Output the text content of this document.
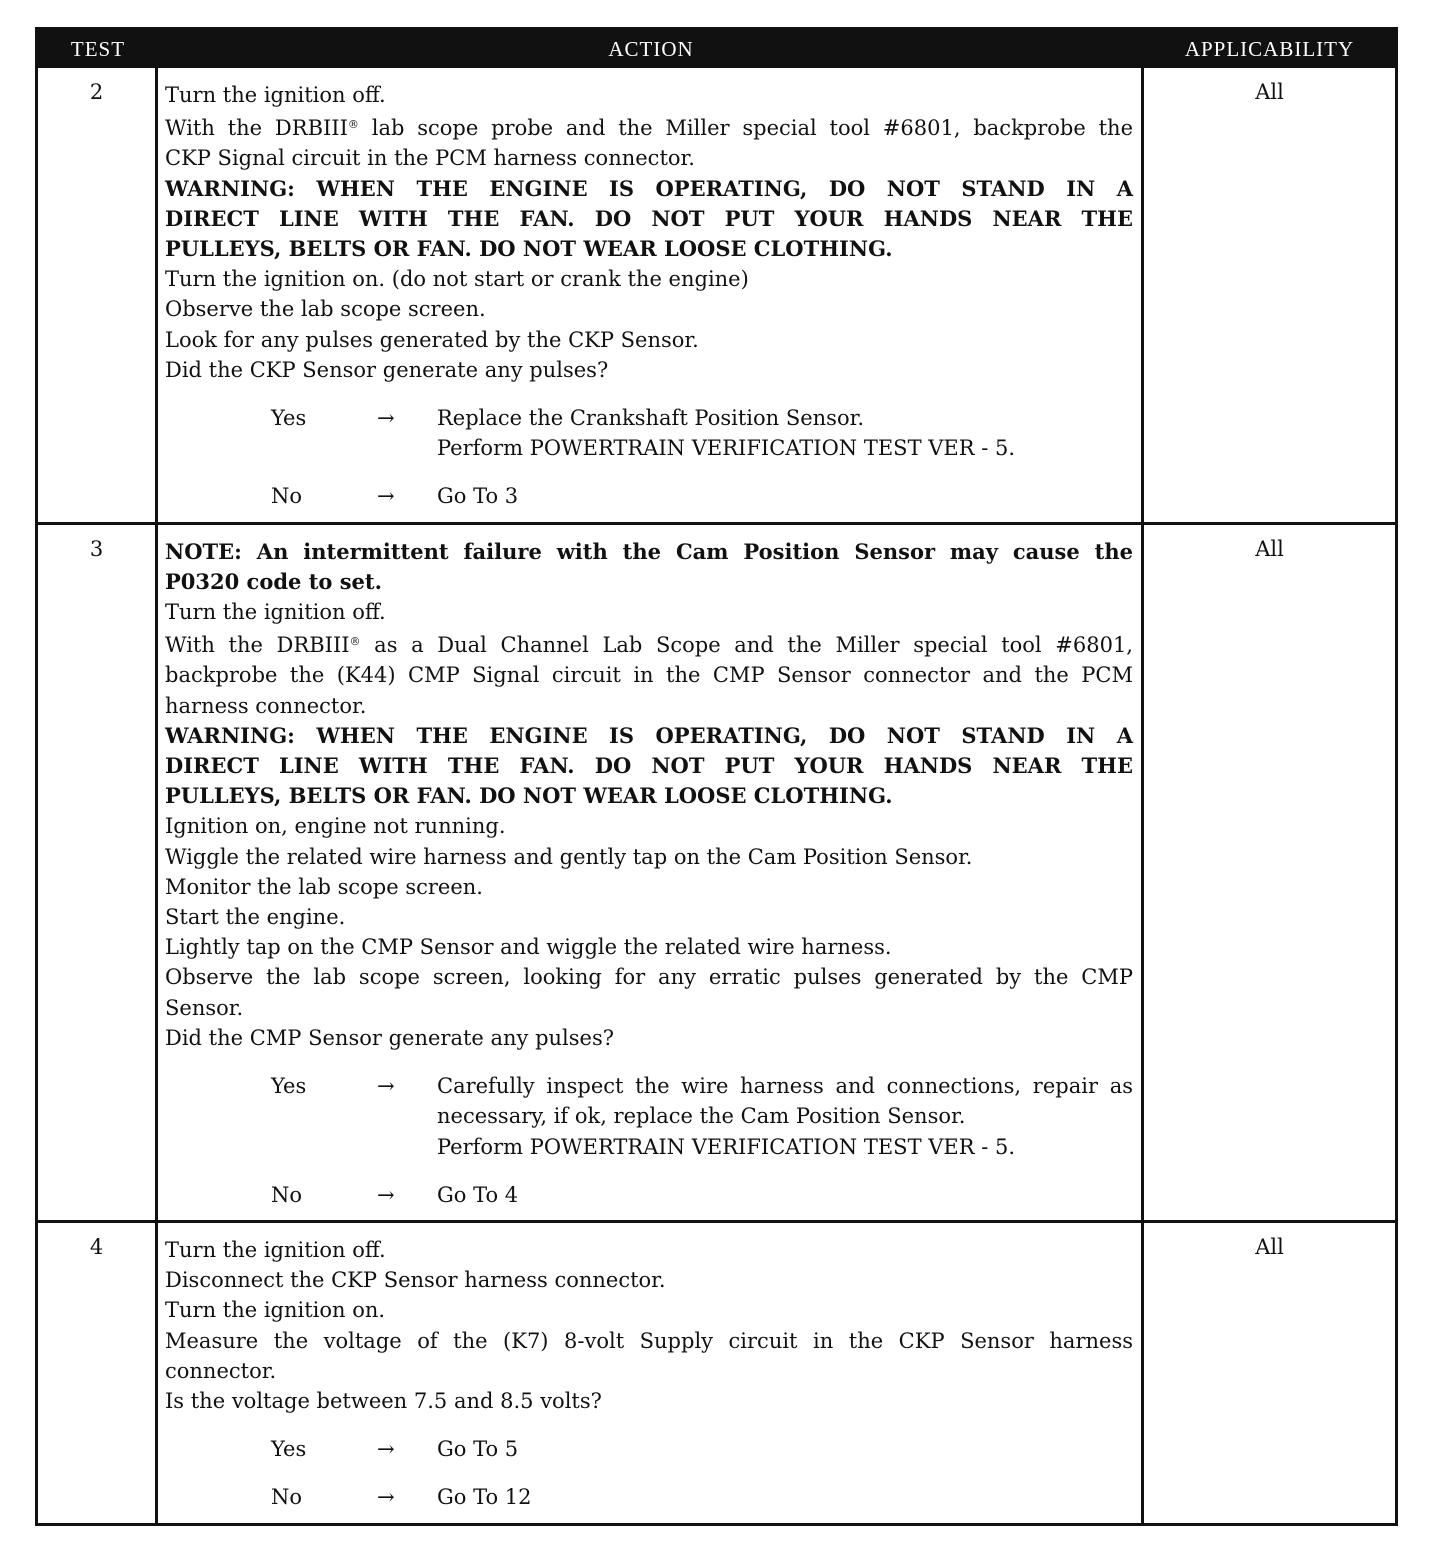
TEST	ACTION	APPLICABILITY
2	Turn the ignition off.
With the DRBIII® lab scope probe and the Miller special tool #6801, backprobe the
CKP Signal circuit in the PCM harness connector.
WARNING: WHEN THE ENGINE IS OPERATING, DO NOT STAND IN A
DIRECT LINE WITH THE FAN. DO NOT PUT YOUR HANDS NEAR THE
PULLEYS, BELTS OR FAN. DO NOT WEAR LOOSE CLOTHING.
Turn the ignition on. (do not start or crank the engine)
Observe the lab scope screen.
Look for any pulses generated by the CKP Sensor.
Did the CKP Sensor generate any pulses?
Yes	→	Replace the Crankshaft Position Sensor.
Perform POWERTRAIN VERIFICATION TEST VER - 5.
No	→	Go To 3
All
3	NOTE: An intermittent failure with the Cam Position Sensor may cause the
P0320 code to set.
Turn the ignition off.
With the DRBIII® as a Dual Channel Lab Scope and the Miller special tool #6801,
backprobe the (K44) CMP Signal circuit in the CMP Sensor connector and the PCM
harness connector.
WARNING: WHEN THE ENGINE IS OPERATING, DO NOT STAND IN A
DIRECT LINE WITH THE FAN. DO NOT PUT YOUR HANDS NEAR THE
PULLEYS, BELTS OR FAN. DO NOT WEAR LOOSE CLOTHING.
Ignition on, engine not running.
Wiggle the related wire harness and gently tap on the Cam Position Sensor.
Monitor the lab scope screen.
Start the engine.
Lightly tap on the CMP Sensor and wiggle the related wire harness.
Observe the lab scope screen, looking for any erratic pulses generated by the CMP
Sensor.
Did the CMP Sensor generate any pulses?
Yes	→	Carefully inspect the wire harness and connections, repair as
necessary, if ok, replace the Cam Position Sensor.
Perform POWERTRAIN VERIFICATION TEST VER - 5.
No	→	Go To 4
All
4	Turn the ignition off.
Disconnect the CKP Sensor harness connector.
Turn the ignition on.
Measure the voltage of the (K7) 8-volt Supply circuit in the CKP Sensor harness
connector.
Is the voltage between 7.5 and 8.5 volts?
Yes	→	Go To 5
No	→	Go To 12
All
